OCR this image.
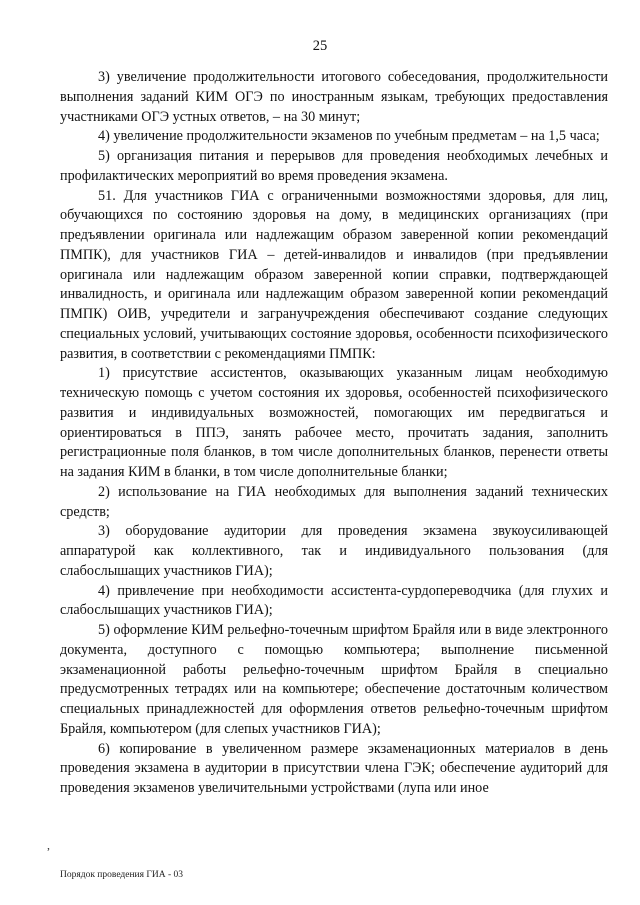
25

3) увеличение продолжительности итогового собеседования, продолжительности выполнения заданий КИМ ОГЭ по иностранным языкам, требующих предоставления участниками ОГЭ устных ответов, – на 30 минут;

4) увеличение продолжительности экзаменов по учебным предметам – на 1,5 часа;

5) организация питания и перерывов для проведения необходимых лечебных и профилактических мероприятий во время проведения экзамена.

51. Для участников ГИА с ограниченными возможностями здоровья, для лиц, обучающихся по состоянию здоровья на дому, в медицинских организациях (при предъявлении оригинала или надлежащим образом заверенной копии рекомендаций ПМПК), для участников ГИА – детей-инвалидов и инвалидов (при предъявлении оригинала или надлежащим образом заверенной копии справки, подтверждающей инвалидность, и оригинала или надлежащим образом заверенной копии рекомендаций ПМПК) ОИВ, учредители и загранучреждения обеспечивают создание следующих специальных условий, учитывающих состояние здоровья, особенности психофизического развития, в соответствии с рекомендациями ПМПК:

1) присутствие ассистентов, оказывающих указанным лицам необходимую техническую помощь с учетом состояния их здоровья, особенностей психофизического развития и индивидуальных возможностей, помогающих им передвигаться и ориентироваться в ППЭ, занять рабочее место, прочитать задания, заполнить регистрационные поля бланков, в том числе дополнительных бланков, перенести ответы на задания КИМ в бланки, в том числе дополнительные бланки;

2) использование на ГИА необходимых для выполнения заданий технических средств;

3) оборудование аудитории для проведения экзамена звукоусиливающей аппаратурой как коллективного, так и индивидуального пользования (для слабослышащих участников ГИА);

4) привлечение при необходимости ассистента-сурдопереводчика (для глухих и слабослышащих участников ГИА);

5) оформление КИМ рельефно-точечным шрифтом Брайля или в виде электронного документа, доступного с помощью компьютера; выполнение письменной экзаменационной работы рельефно-точечным шрифтом Брайля в специально предусмотренных тетрадях или на компьютере; обеспечение достаточным количеством специальных принадлежностей для оформления ответов рельефно-точечным шрифтом Брайля, компьютером (для слепых участников ГИА);

6) копирование в увеличенном размере экзаменационных материалов в день проведения экзамена в аудитории в присутствии члена ГЭК; обеспечение аудиторий для проведения экзаменов увеличительными устройствами (лупа или иное

,
Порядок проведения ГИА - 03
